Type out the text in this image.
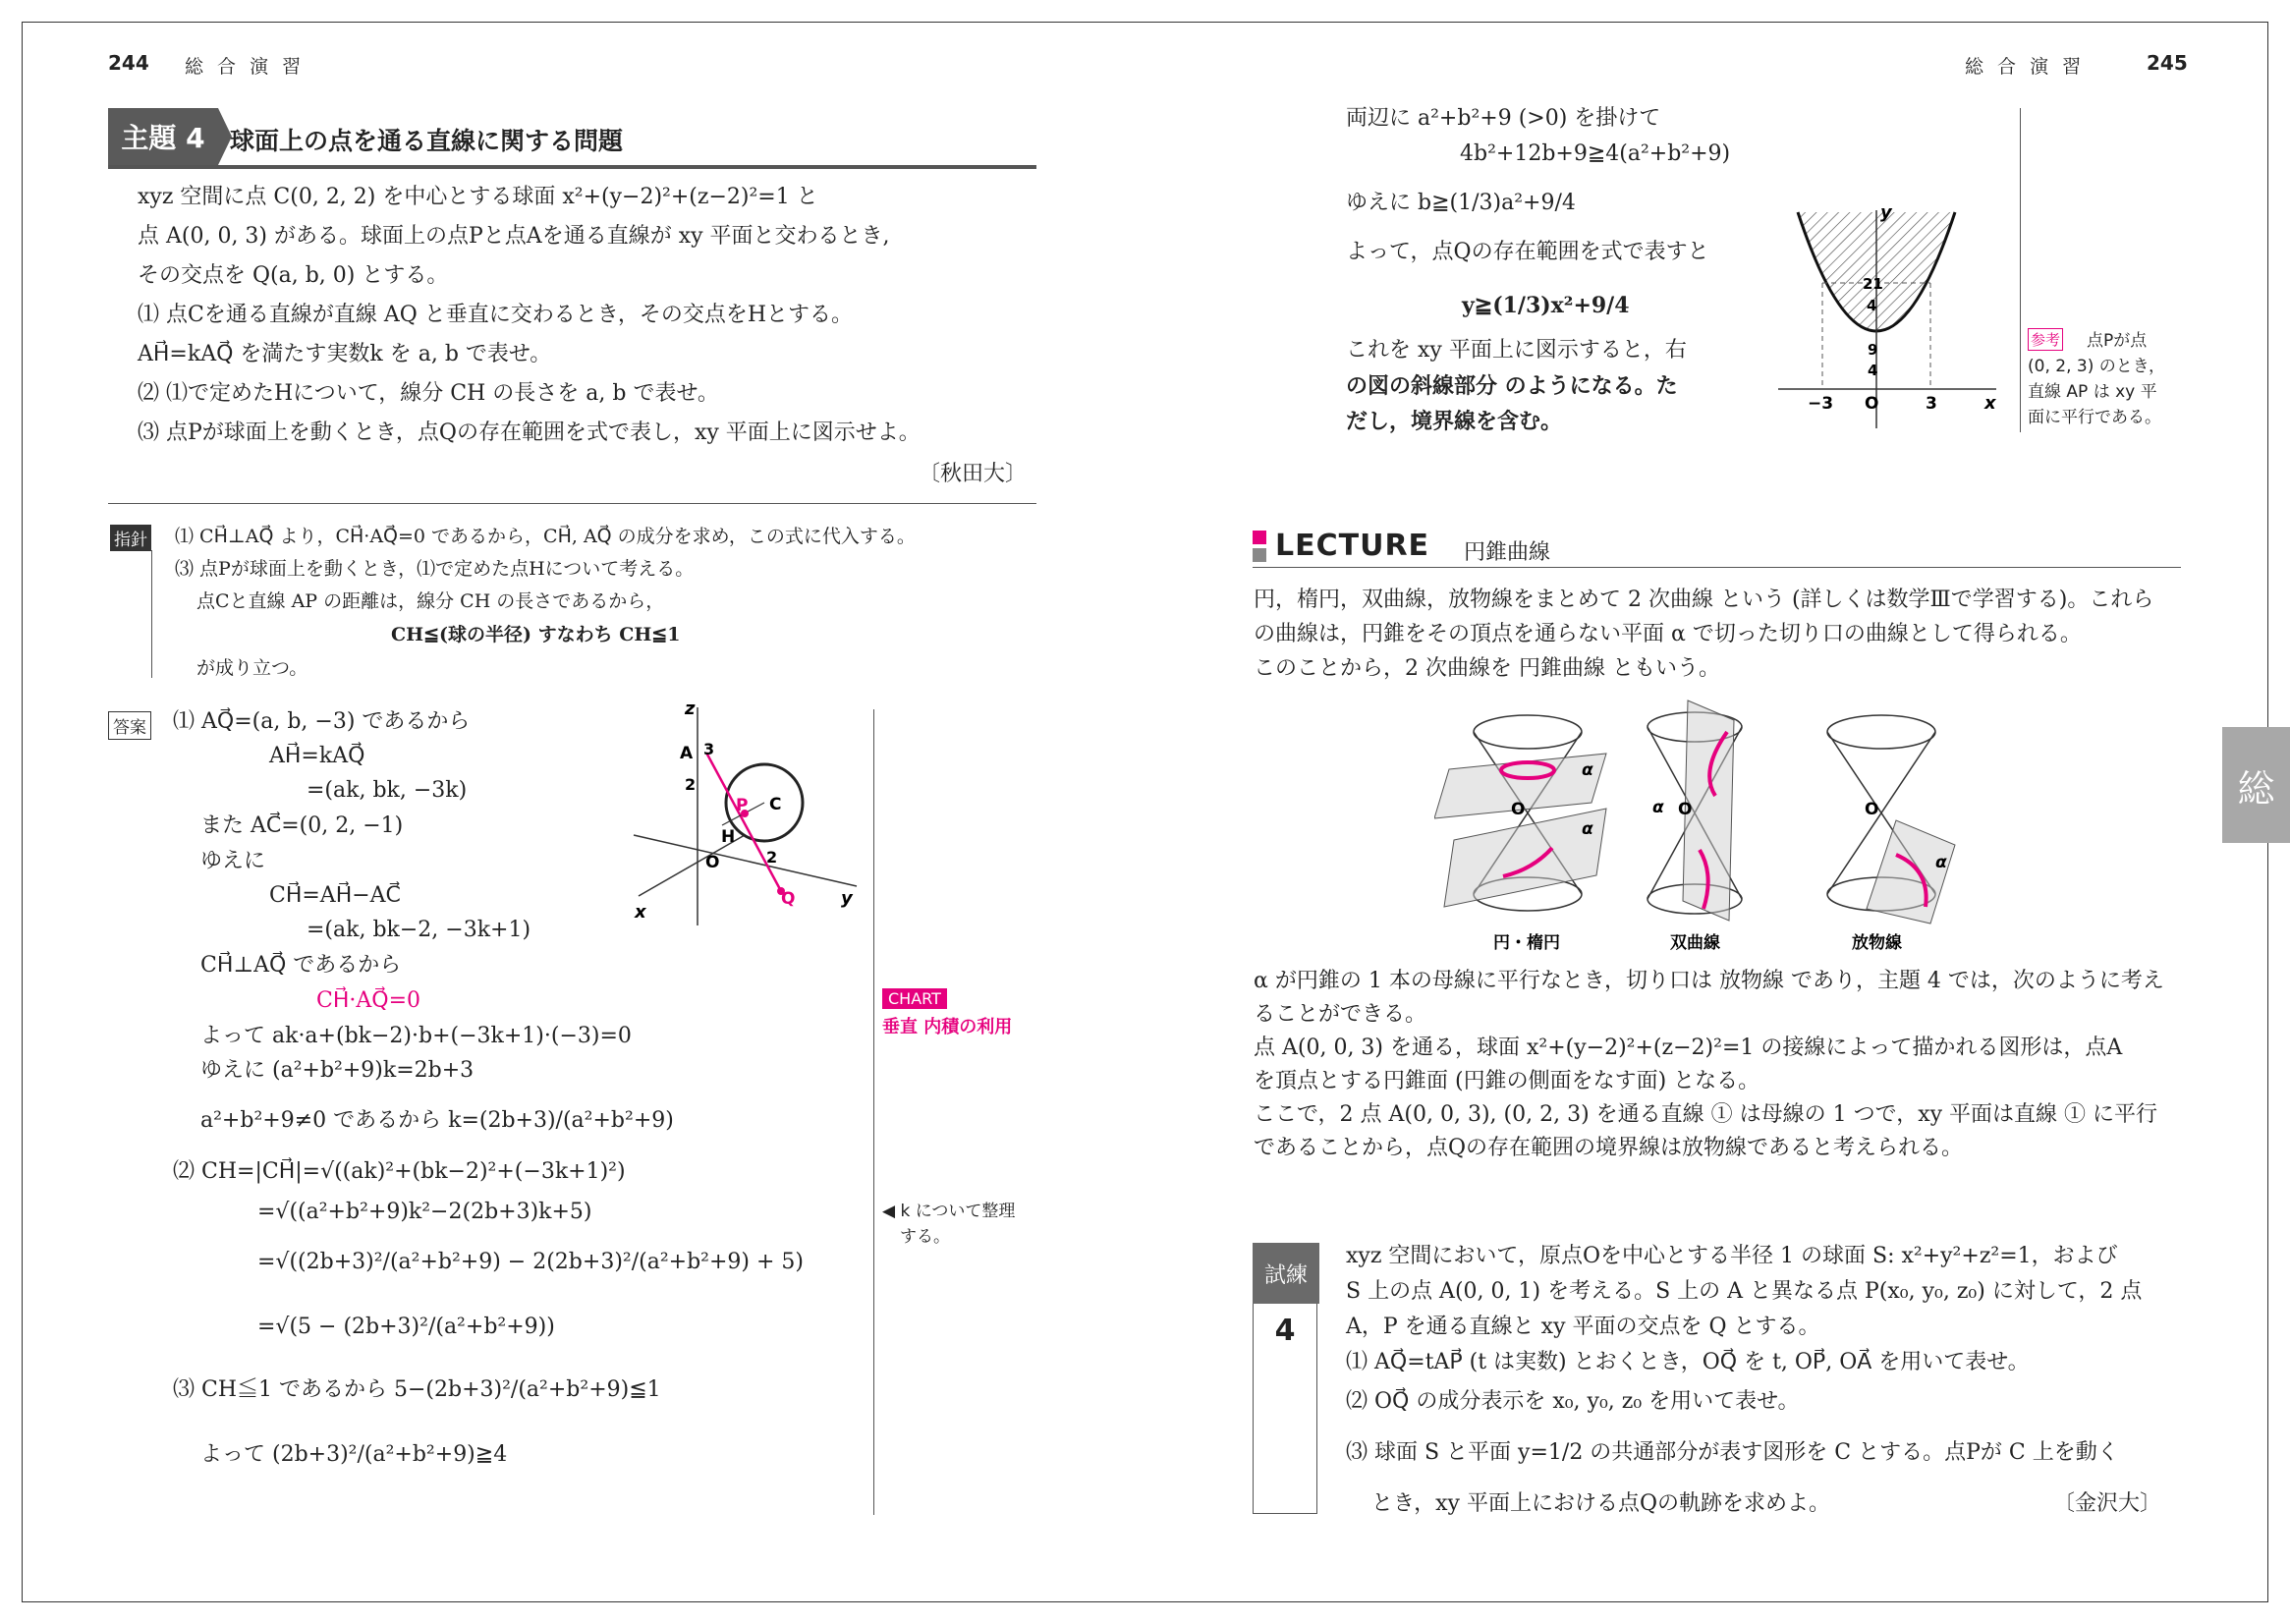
244 総 合 演 習	総 合 演 習	245
主題 4	球面上の点を通る直線に関する問題
xyz 空間に点 C(0, 2, 2) を中心とする球面 x²+(y−2)²+(z−2)²=1 と
点 A(0, 0, 3) がある。球面上の点Pと点Aを通る直線が xy 平面と交わるとき,
その交点を Q(a, b, 0) とする。
⑴ 点Cを通る直線が直線 AQ と垂直に交わるとき，その交点をHとする。
AH⃗=kAQ⃗ を満たす実数k を a, b で表せ。
⑵ ⑴で定めたHについて，線分 CH の長さを a, b で表せ。
⑶ 点Pが球面上を動くとき，点Qの存在範囲を式で表し，xy 平面上に図示せよ。
〔秋田大〕
指針 ⑴ CH⃗⊥AQ⃗ より，CH⃗·AQ⃗=0 であるから，CH⃗, AQ⃗ の成分を求め，この式に代入する。
⑶ 点Pが球面上を動くとき，⑴で定めた点Hについて考える。
点Cと直線 AP の距離は，線分 CH の長さであるから，
CH≦(球の半径) すなわち CH≦1
が成り立つ。
答案 ⑴ AQ⃗=(a, b, −3) であるから
AH⃗=kAQ⃗
=(ak, bk, −3k)
また AC⃗=(0, 2, −1)
ゆえに
CH⃗=AH⃗−AC⃗
=(ak, bk−2, −3k+1)
CH⃗⊥AQ⃗ であるから
CH⃗·AQ⃗=0
よって ak·a+(bk−2)·b+(−3k+1)·(−3)=0
ゆえに (a²+b²+9)k=2b+3
a²+b²+9≠0 であるから k=(2b+3)/(a²+b²+9)
⑵ CH=|CH⃗|=√((ak)²+(bk−2)²+(−3k+1)²)
=√((a²+b²+9)k²−2(2b+3)k+5)
=√((2b+3)²/(a²+b²+9) − 2(2b+3)²/(a²+b²+9) + 5)
=√(5 − (2b+3)²/(a²+b²+9))
⑶ CH≦1 であるから 5−(2b+3)²/(a²+b²+9)≦1
よって (2b+3)²/(a²+b²+9)≧4
z
y
x
A 3
2
2
P C
H
O
Q
CHART
垂直 内積の利用
◀ k について整理
する。
両辺に a²+b²+9 (>0) を掛けて
4b²+12b+9≧4(a²+b²+9)
ゆえに b≧(1/3)a²+9/4
よって，点Qの存在範囲を式で表すと
y≧(1/3)x²+9/4
これを xy 平面上に図示すると，右
の図の斜線部分 のようになる。た
だし，境界線を含む。
y
x
21
4
9
4
−3 O	3
参考 点Pが点
(0, 2, 3) のとき，
直線 AP は xy 平
面に平行である。
LECTURE 円錐曲線
円，楕円，双曲線，放物線をまとめて 2 次曲線 という (詳しくは数学Ⅲで学習する)。これら
の曲線は，円錐をその頂点を通らない平面 α で切った切り口の曲線として得られる。
このことから，2 次曲線を 円錐曲線 ともいう。
α
α
O	α O
α
O
円・楕円	双曲線	放物線
α が円錐の 1 本の母線に平行なとき，切り口は 放物線 であり，主題 4 では，次のように考え
ることができる。
点 A(0, 0, 3) を通る，球面 x²+(y−2)²+(z−2)²=1 の接線によって描かれる図形は，点A
を頂点とする円錐面 (円錐の側面をなす面) となる。
ここで，2 点 A(0, 0, 3), (0, 2, 3) を通る直線 ① は母線の 1 つで，xy 平面は直線 ① に平行
であることから，点Qの存在範囲の境界線は放物線であると考えられる。
総
試練
4
xyz 空間において，原点Oを中心とする半径 1 の球面 S: x²+y²+z²=1，および
S 上の点 A(0, 0, 1) を考える。S 上の A と異なる点 P(x₀, y₀, z₀) に対して，2 点
A，P を通る直線と xy 平面の交点を Q とする。
⑴ AQ⃗=tAP⃗ (t は実数) とおくとき，OQ⃗ を t, OP⃗, OA⃗ を用いて表せ。
⑵ OQ⃗ の成分表示を x₀, y₀, z₀ を用いて表せ。
⑶ 球面 S と平面 y=1/2 の共通部分が表す図形を C とする。点Pが C 上を動く
とき，xy 平面上における点Qの軌跡を求めよ。	〔金沢大〕
